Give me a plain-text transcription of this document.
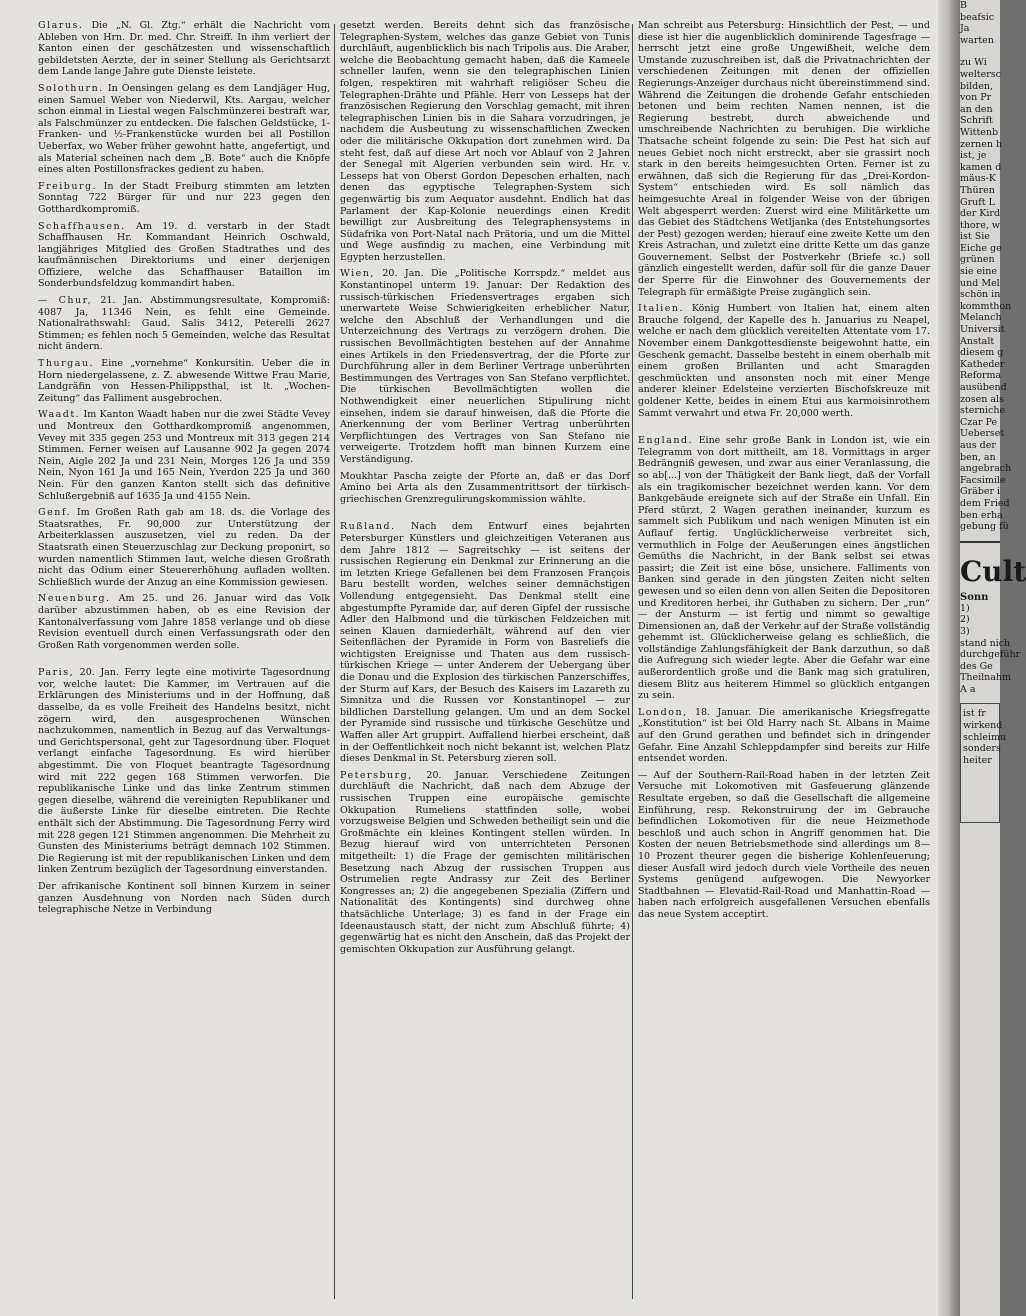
Glarus. Die „N. Gl. Ztg.“ erhält die Nachricht vom Ableben von Hrn. Dr. med. Chr. Streiff. In ihm verliert der Kanton einen der geschätzesten und wissenschaftlich gebildetsten Aerzte, der in seiner Stellung als Gerichtsarzt dem Lande lange Jahre gute Dienste leistete.

Solothurn. In Oensingen gelang es dem Landjäger Hug, einen Samuel Weber von Niederwil, Kts. Aargau, welcher schon einmal in Liestal wegen Falschmünzerei bestraft war, als Falschmünzer zu entdecken. Die falschen Geldstücke, 1-Franken- und ½-Frankenstücke wurden bei all Postillon Ueberfax, wo Weber früher gewohnt hatte, angefertigt, und als Material scheinen nach dem „B. Bote“ auch die Knöpfe eines alten Postillonsfrackes gedient zu haben.

Freiburg. In der Stadt Freiburg stimmten am letzten Sonntag 722 Bürger für und nur 223 gegen den Gotthardkompromiß.

Schaffhausen. Am 19. d. verstarb in der Stadt Schaffhausen Hr. Kommandant Heinrich Oschwald, langjähriges Mitglied des Großen Stadtrathes und des kaufmännischen Direktoriums und einer derjenigen Offiziere, welche das Schaffhauser Bataillon im Sonderbundsfeldzug kommandirt haben.

— Chur, 21. Jan. Abstimmungsresultate, Kompromiß: 4087 Ja, 11346 Nein, es fehlt eine Gemeinde. Nationalrathswahl: Gaud. Salis 3412, Peterelli 2627 Stimmen; es fehlen noch 5 Gemeinden, welche das Resultat nicht ändern.

Thurgau. Eine „vornehme“ Konkursitin. Ueber die in Horn niedergelassene, z. Z. abwesende Wittwe Frau Marie, Landgräfin von Hessen-Philippsthal, ist lt. „Wochen-Zeitung“ das Falliment ausgebrochen.

Waadt. Im Kanton Waadt haben nur die zwei Städte Vevey und Montreux den Gotthardkompromiß angenommen, Vevey mit 335 gegen 253 und Montreux mit 313 gegen 214 Stimmen. Ferner weisen auf Lausanne 902 Ja gegen 2074 Nein, Aigle 202 Ja und 231 Nein, Morges 126 Ja und 359 Nein, Nyon 161 Ja und 165 Nein, Yverdon 225 Ja und 360 Nein. Für den ganzen Kanton stellt sich das definitive Schlußergebniß auf 1635 Ja und 4155 Nein.

Genf. Im Großen Rath gab am 18. ds. die Vorlage des Staatsrathes, Fr. 90,000 zur Unterstützung der Arbeiterklassen auszusetzen, viel zu reden. Da der Staatsrath einen Steuerzuschlag zur Deckung proponirt, so wurden namentlich Stimmen laut, welche diesen Großrath nicht das Odium einer Steuererhöhung aufladen wollten. Schließlich wurde der Anzug an eine Kommission gewiesen.

Neuenburg. Am 25. und 26. Januar wird das Volk darüber abzustimmen haben, ob es eine Revision der Kantonalverfassung vom Jahre 1858 verlange und ob diese Revision eventuell durch einen Verfassungsrath oder den Großen Rath vorgenommen werden solle.

Paris, 20. Jan. Ferry legte eine motivirte Tagesordnung vor, welche lautet: Die Kammer, im Vertrauen auf die Erklärungen des Ministeriums und in der Hoffnung, daß dasselbe, da es volle Freiheit des Handelns besitzt, nicht zögern wird, den ausgesprochenen Wünschen nachzukommen, namentlich in Bezug auf das Verwaltungs- und Gerichtspersonal, geht zur Tagesordnung über. Floquet verlangt einfache Tagesordnung. Es wird hierüber abgestimmt. Die von Floquet beantragte Tagesordnung wird mit 222 gegen 168 Stimmen verworfen. Die republikanische Linke und das linke Zentrum stimmen gegen dieselbe, während die vereinigten Republikaner und die äußerste Linke für dieselbe eintreten. Die Rechte enthält sich der Abstimmung. Die Tagesordnung Ferry wird mit 228 gegen 121 Stimmen angenommen. Die Mehrheit zu Gunsten des Ministeriums beträgt demnach 102 Stimmen. Die Regierung ist mit der republikanischen Linken und dem linken Zentrum bezüglich der Tagesordnung einverstanden.

Der afrikanische Kontinent soll binnen Kurzem in seiner ganzen Ausdehnung von Norden nach Süden durch telegraphische Netze in Verbindung

gesetzt werden. Bereits dehnt sich das französische Telegraphen-System, welches das ganze Gebiet von Tunis durchläuft, augenblicklich bis nach Tripolis aus. Die Araber, welche die Beobachtung gemacht haben, daß die Kameele schneller laufen, wenn sie den telegraphischen Linien folgen, respektiren mit wahrhaft religiöser Scheu die Telegraphen-Drähte und Pfähle. Herr von Lesseps hat der französischen Regierung den Vorschlag gemacht, mit ihren telegraphischen Linien bis in die Sahara vorzudringen, je nachdem die Ausbeutung zu wissenschaftlichen Zwecken oder die militärische Okkupation dort zunehmen wird. Da steht fest, daß auf diese Art noch vor Ablauf von 2 Jahren der Senegal mit Algerien verbunden sein wird. Hr. v. Lesseps hat von Oberst Gordon Depeschen erhalten, nach denen das egyptische Telegraphen-System sich gegenwärtig bis zum Aequator ausdehnt. Endlich hat das Parlament der Kap-Kolonie neuerdings einen Kredit bewilligt zur Ausbreitung des Telegraphensystems in Südafrika von Port-Natal nach Prätoria, und um die Mittel und Wege ausfindig zu machen, eine Verbindung mit Egypten herzustellen.

Wien, 20. Jan. Die „Politische Korrspdz.“ meldet aus Konstantinopel unterm 19. Januar: Der Redaktion des russisch-türkischen Friedensvertrages ergaben sich unerwartete Weise Schwierigkeiten erheblicher Natur, welche den Abschluß der Verhandlungen und die Unterzeichnung des Vertrags zu verzögern drohen. Die russischen Bevollmächtigten bestehen auf der Annahme eines Artikels in den Friedensvertrag, der die Pforte zur Durchführung aller in dem Berliner Vertrage unberührten Bestimmungen des Vertrages von San Stefano verpflichtet. Die türkischen Bevollmächtigten wollen die Nothwendigkeit einer neuerlichen Stipulirung nicht einsehen, indem sie darauf hinweisen, daß die Pforte die Anerkennung der vom Berliner Vertrag unberührten Verpflichtungen des Vertrages von San Stefano nie verweigerte. Trotzdem hofft man binnen Kurzem eine Verständigung.

Moukhtar Pascha zeigte der Pforte an, daß er das Dorf Amino bei Arta als den Zusammentrittsort der türkisch-griechischen Grenzregulirungskommission wählte.

Rußland. Nach dem Entwurf eines bejahrten Petersburger Künstlers und gleichzeitigen Veteranen aus dem Jahre 1812 — Sagreitschky — ist seitens der russischen Regierung ein Denkmal zur Erinnerung an die im letzten Kriege Gefallenen bei dem Franzosen François Baru bestellt worden, welches seiner demnächstigen Vollendung entgegensieht. Das Denkmal stellt eine abgestumpfte Pyramide dar, auf deren Gipfel der russische Adler den Halbmond und die türkischen Feldzeichen mit seinen Klauen darniederhält, während auf den vier Seitenflächen der Pyramide in Form von Basreliefs die wichtigsten Ereignisse und Thaten aus dem russisch-türkischen Kriege — unter Anderem der Uebergang über die Donau und die Explosion des türkischen Panzerschiffes, der Sturm auf Kars, der Besuch des Kaisers im Lazareth zu Simnitza und die Russen vor Konstantinopel — zur bildlichen Darstellung gelangen. Um und an dem Sockel der Pyramide sind russische und türkische Geschütze und Waffen aller Art gruppirt. Auffallend hierbei erscheint, daß in der Oeffentlichkeit noch nicht bekannt ist, welchen Platz dieses Denkmal in St. Petersburg zieren soll.

Petersburg, 20. Januar. Verschiedene Zeitungen durchläuft die Nachricht, daß nach dem Abzuge der russischen Truppen eine europäische gemischte Okkupation Rumeliens stattfinden solle, wobei vorzugsweise Belgien und Schweden betheiligt sein und die Großmächte ein kleines Kontingent stellen würden. In Bezug hierauf wird von unterrichteten Personen mitgetheilt: 1) die Frage der gemischten militärischen Besetzung nach Abzug der russischen Truppen aus Ostrumelien regte Andrassy zur Zeit des Berliner Kongresses an; 2) die angegebenen Spezialia (Ziffern und Nationalität des Kontingents) sind durchweg ohne thatsächliche Unterlage; 3) es fand in der Frage ein Ideenaustausch statt, der nicht zum Abschluß führte; 4) gegenwärtig hat es nicht den Anschein, daß das Projekt der gemischten Okkupation zur Ausführung gelangt.

Man schreibt aus Petersburg: Hinsichtlich der Pest, — und diese ist hier die augenblicklich dominirende Tagesfrage — herrscht jetzt eine große Ungewißheit, welche dem Umstande zuzuschreiben ist, daß die Privatnachrichten der verschiedenen Zeitungen mit denen der offiziellen Regierungs-Anzeiger durchaus nicht übereinstimmend sind. Während die Zeitungen die drohende Gefahr entschieden betonen und beim rechten Namen nennen, ist die Regierung bestrebt, durch abweichende und umschreibende Nachrichten zu beruhigen. Die wirkliche Thatsache scheint folgende zu sein: Die Pest hat sich auf neues Gebiet noch nicht erstreckt, aber sie grassirt noch stark in den bereits heimgesuchten Orten. Ferner ist zu erwähnen, daß sich die Regierung für das „Drei-Kordon-System“ entschieden wird. Es soll nämlich das heimgesuchte Areal in folgender Weise von der übrigen Welt abgesperrt werden: Zuerst wird eine Militärkette um das Gebiet des Städtchens Wetljanka (des Entstehungsortes der Pest) gezogen werden; hierauf eine zweite Kette um den Kreis Astrachan, und zuletzt eine dritte Kette um das ganze Gouvernement. Selbst der Postverkehr (Briefe ꝛc.) soll gänzlich eingestellt werden, dafür soll für die ganze Dauer der Sperre für die Einwohner des Gouvernements der Telegraph für ermäßigte Preise zugänglich sein.

Italien. König Humbert von Italien hat, einem alten Brauche folgend, der Kapelle des h. Januarius zu Neapel, welche er nach dem glücklich vereitelten Attentate vom 17. November einem Dankgottesdienste beigewohnt hatte, ein Geschenk gemacht. Dasselbe besteht in einem oberhalb mit einem großen Brillanten und acht Smaragden geschmückten und ansonsten noch mit einer Menge anderer kleiner Edelsteine verzierten Bischofskreuze mit goldener Kette, beides in einem Etui aus karmoisinrothem Sammt verwahrt und etwa Fr. 20,000 werth.

England. Eine sehr große Bank in London ist, wie ein Telegramm von dort mittheilt, am 18. Vormittags in arger Bedrängniß gewesen, und zwar aus einer Veranlassung, die so ab[...] von der Thätigkeit der Bank liegt, daß der Vorfall als ein tragikomischer bezeichnet werden kann. Vor dem Bankgebäude ereignete sich auf der Straße ein Unfall. Ein Pferd stürzt, 2 Wagen gerathen ineinander, kurzum es sammelt sich Publikum und nach wenigen Minuten ist ein Auflauf fertig. Unglücklicherweise verbreitet sich, vermuthlich in Folge der Aeußerungen eines ängstlichen Gemüths die Nachricht, in der Bank selbst sei etwas passirt; die Zeit ist eine böse, unsichere. Falliments von Banken sind gerade in den jüngsten Zeiten nicht selten gewesen und so eilen denn von allen Seiten die Depositoren und Kreditoren herbei, ihr Guthaben zu sichern. Der „run“ — der Ansturm — ist fertig und nimmt so gewaltige Dimensionen an, daß der Verkehr auf der Straße vollständig gehemmt ist. Glücklicherweise gelang es schließlich, die vollständige Zahlungsfähigkeit der Bank darzuthun, so daß die Aufregung sich wieder legte. Aber die Gefahr war eine außerordentlich große und die Bank mag sich gratuliren, diesem Blitz aus heiterem Himmel so glücklich entgangen zu sein.

London, 18. Januar. Die amerikanische Kriegsfregatte „Konstitution“ ist bei Old Harry nach St. Albans in Maime auf den Grund gerathen und befindet sich in dringender Gefahr. Eine Anzahl Schleppdampfer sind bereits zur Hilfe entsendet worden.

— Auf der Southern-Rail-Road haben in der letzten Zeit Versuche mit Lokomotiven mit Gasfeuerung glänzende Resultate ergeben, so daß die Gesellschaft die allgemeine Einführung, resp. Rekonstruirung der im Gebrauche befindlichen Lokomotiven für die neue Heizmethode beschloß und auch schon in Angriff genommen hat. Die Kosten der neuen Betriebsmethode sind allerdings um 8—10 Prozent theurer gegen die bisherige Kohlenfeuerung; dieser Ausfall wird jedoch durch viele Vortheile des neuen Systems genügend aufgewogen. Die Newyorker Stadtbahnen — Elevatid-Rail-Road und Manhattin-Road — haben nach erfolgreich ausgefallenen Versuchen ebenfalls das neue System acceptirt.

B
beafsic
Ja
warten
zu Wi
weltersc
bilden,
von Pr
an den
Schrift
Wittenb
zernen h
ist, je
kamen d
mäus-K
Thüren
Gruft L
der Kird
thore, w
ist Sie
Eiche ge
grünen
sie eine
und Mel
schön in
kommthon
Melanch
Universit
Anstalt
diesem g
Katheder
Reforma
ausübend
zosen als
sterniche
Czar Pe
Ueberset
aus der
ben, an
angebrach
Facsimile
Gräber i
dem Fried
ben erha
gebung fü
Cult
Sonn
1)
2)
3)
stand nich
durchgeführ
des Ge
Theilnahm
A a
ist fr
wirkend
schleimu
sonders
heiter
